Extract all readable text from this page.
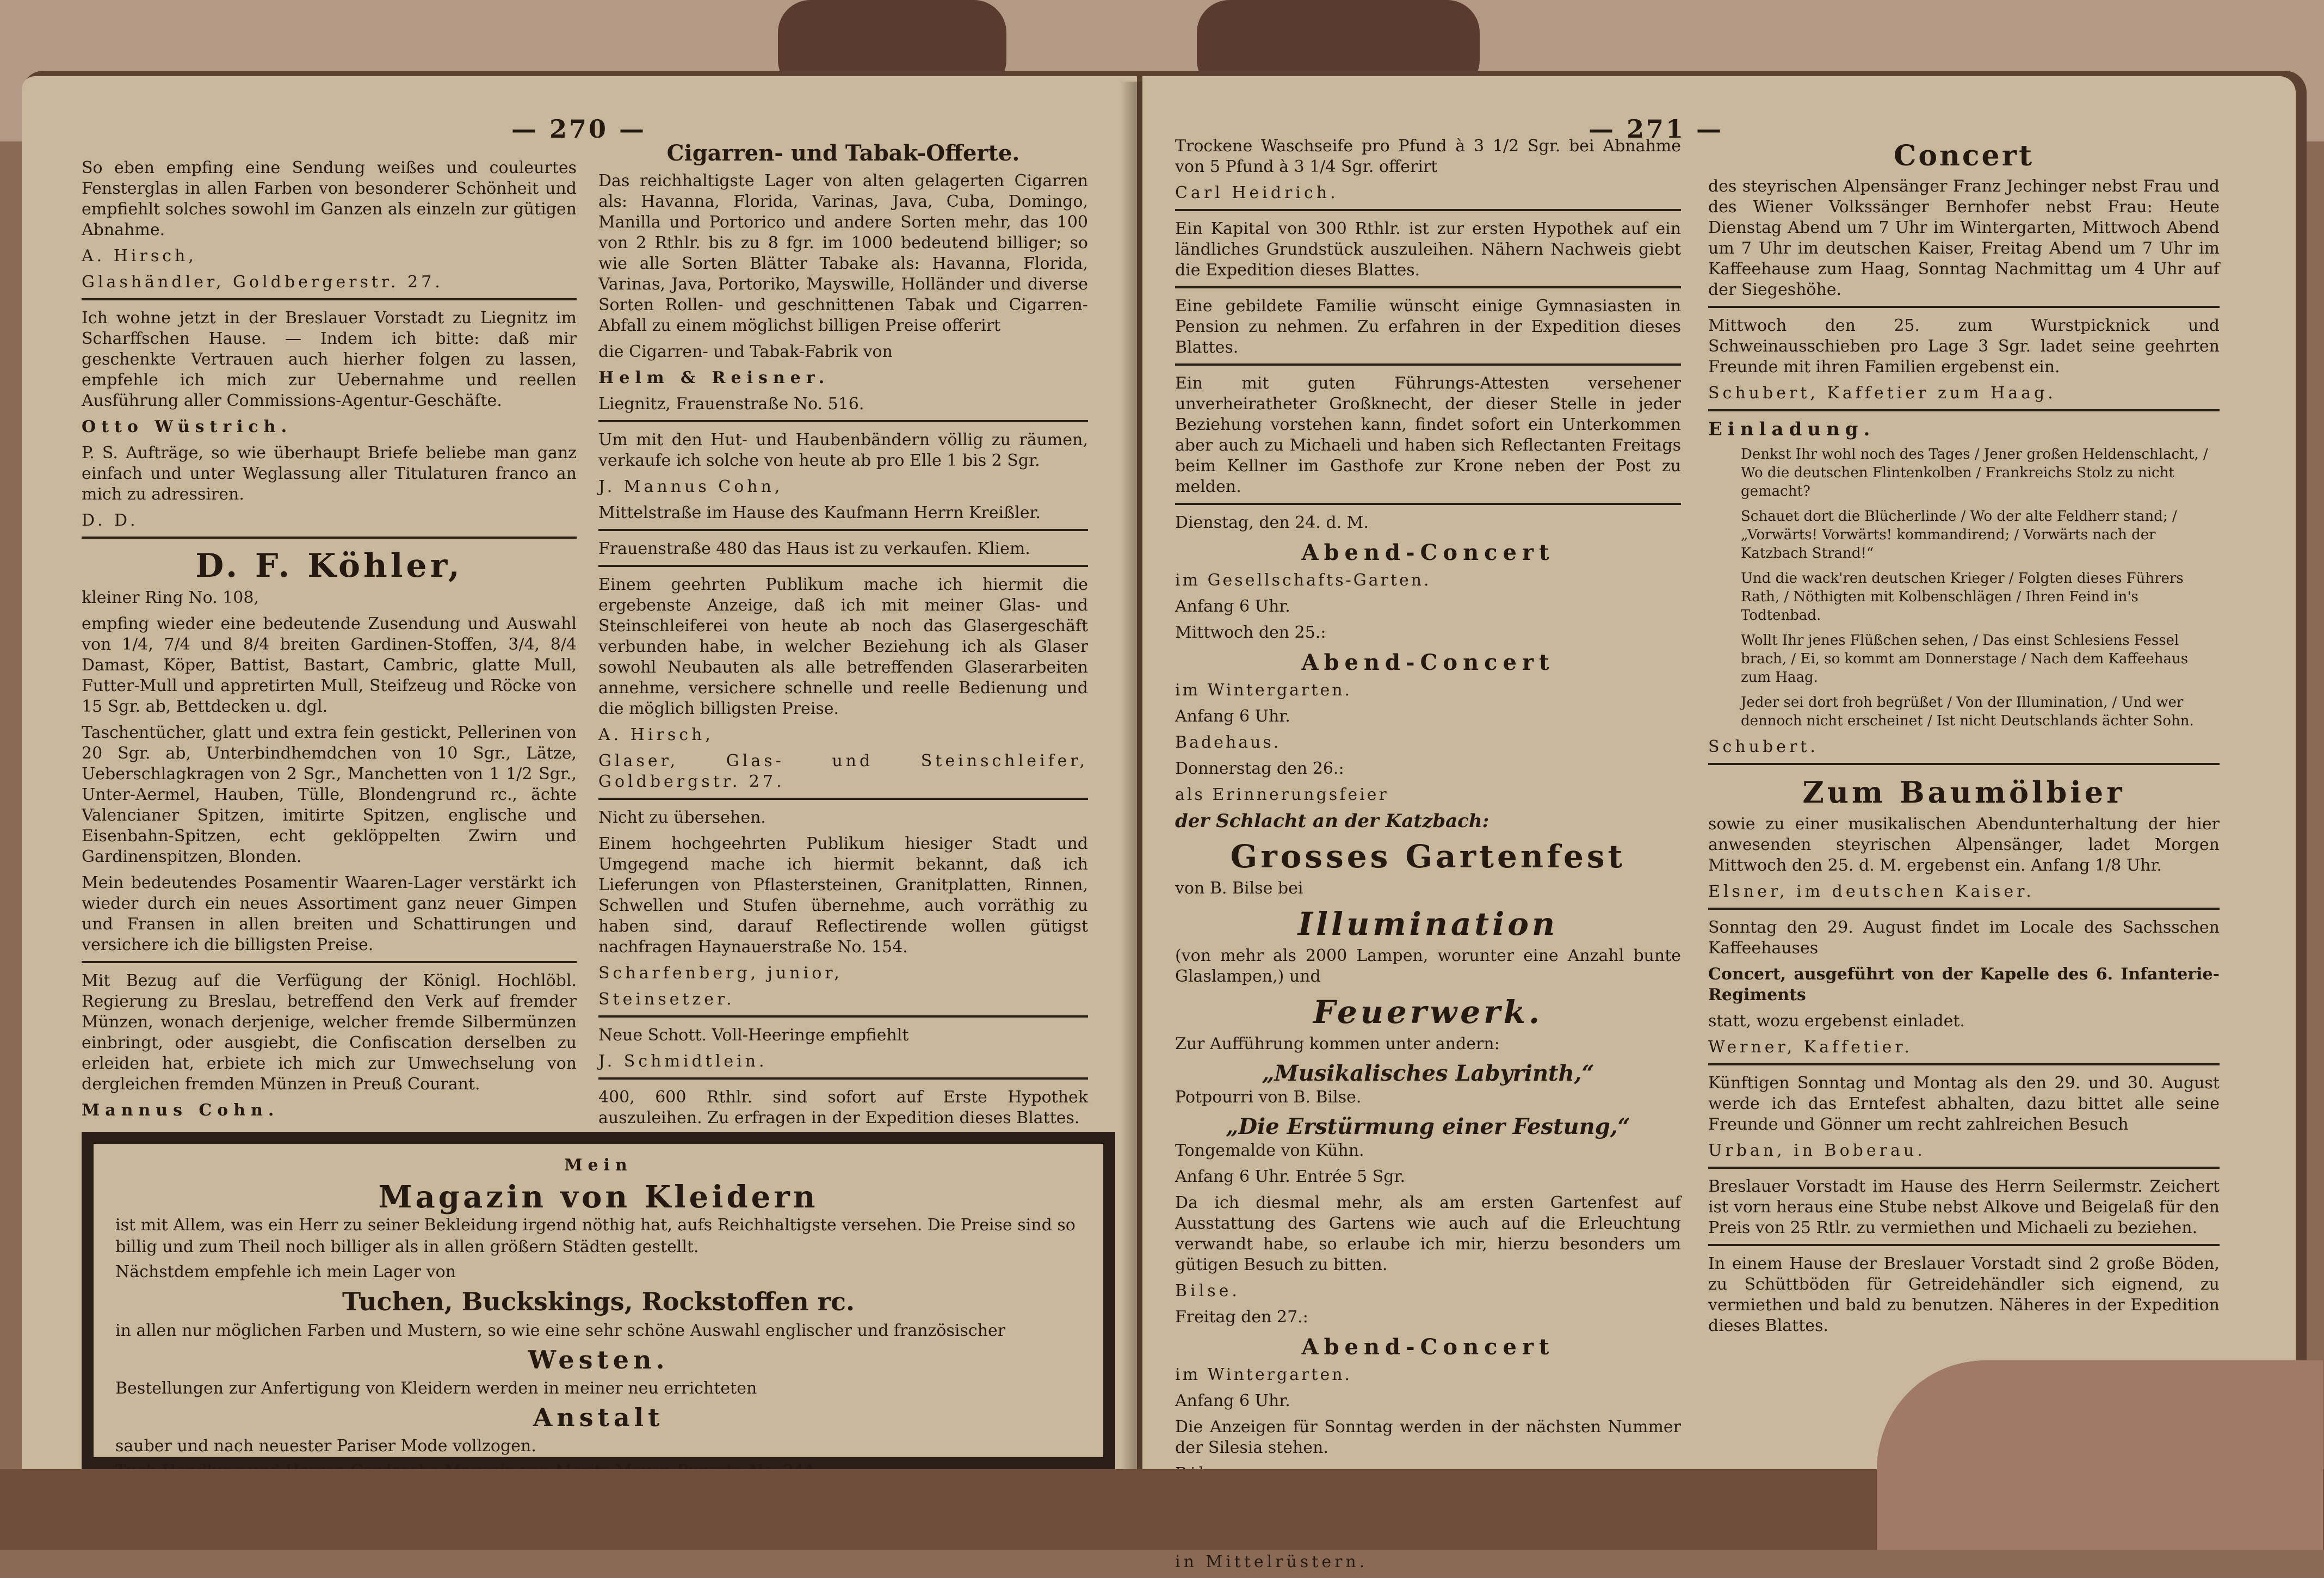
— 270 —

So eben empfing eine Sendung weißes und couleurtes Fensterglas in allen Farben von besonderer Schönheit und empfiehlt solches sowohl im Ganzen als einzeln zur gütigen Abnahme.

A. Hirsch,

Glashändler, Goldbergerstr. 27.

Ich wohne jetzt in der Breslauer Vorstadt zu Liegnitz im Scharffschen Hause. — Indem ich bitte: daß mir geschenkte Vertrauen auch hierher folgen zu lassen, empfehle ich mich zur Uebernahme und reellen Ausführung aller Commissions-Agentur-Geschäfte.

Otto Wüstrich.

P. S. Aufträge, so wie überhaupt Briefe beliebe man ganz einfach und unter Weglassung aller Titulaturen franco an mich zu adressiren.

D. D.

D. F. Köhler,

kleiner Ring No. 108,

empfing wieder eine bedeutende Zusendung und Auswahl von 1/4, 7/4 und 8/4 breiten Gardinen-Stoffen, 3/4, 8/4 Damast, Köper, Battist, Bastart, Cambric, glatte Mull, Futter-Mull und appretirten Mull, Steifzeug und Röcke von 15 Sgr. ab, Bettdecken u. dgl.

Taschentücher, glatt und extra fein gestickt, Pellerinen von 20 Sgr. ab, Unterbindhemdchen von 10 Sgr., Lätze, Ueberschlagkragen von 2 Sgr., Manchetten von 1 1/2 Sgr., Unter-Aermel, Hauben, Tülle, Blondengrund rc., ächte Valencianer Spitzen, imitirte Spitzen, englische und Eisenbahn-Spitzen, echt geklöppelten Zwirn und Gardinenspitzen, Blonden.

Mein bedeutendes Posamentir Waaren-Lager verstärkt ich wieder durch ein neues Assortiment ganz neuer Gimpen und Fransen in allen breiten und Schattirungen und versichere ich die billigsten Preise.

Mit Bezug auf die Verfügung der Königl. Hochlöbl. Regierung zu Breslau, betreffend den Verk auf fremder Münzen, wonach derjenige, welcher fremde Silbermünzen einbringt, oder ausgiebt, die Confiscation derselben zu erleiden hat, erbiete ich mich zur Umwechselung von dergleichen fremden Münzen in Preuß Courant.

Mannus Cohn.

Cigarren- und Tabak-Offerte.

Das reichhaltigste Lager von alten gelagerten Cigarren als: Havanna, Florida, Varinas, Java, Cuba, Domingo, Manilla und Portorico und andere Sorten mehr, das 100 von 2 Rthlr. bis zu 8 fgr. im 1000 bedeutend billiger; so wie alle Sorten Blätter Tabake als: Havanna, Florida, Varinas, Java, Portoriko, Mayswille, Holländer und diverse Sorten Rollen- und geschnittenen Tabak und Cigarren-Abfall zu einem möglichst billigen Preise offerirt

die Cigarren- und Tabak-Fabrik von

Helm & Reisner.

Liegnitz, Frauenstraße No. 516.

Um mit den Hut- und Haubenbändern völlig zu räumen, verkaufe ich solche von heute ab pro Elle 1 bis 2 Sgr.

J. Mannus Cohn,

Mittelstraße im Hause des Kaufmann Herrn Kreißler.

Frauenstraße 480 das Haus ist zu verkaufen. Kliem.

Einem geehrten Publikum mache ich hiermit die ergebenste Anzeige, daß ich mit meiner Glas- und Steinschleiferei von heute ab noch das Glasergeschäft verbunden habe, in welcher Beziehung ich als Glaser sowohl Neubauten als alle betreffenden Glaserarbeiten annehme, versichere schnelle und reelle Bedienung und die möglich billigsten Preise.

A. Hirsch,

Glaser, Glas- und Steinschleifer, Goldbergstr. 27.

Nicht zu übersehen.

Einem hochgeehrten Publikum hiesiger Stadt und Umgegend mache ich hiermit bekannt, daß ich Lieferungen von Pflastersteinen, Granitplatten, Rinnen, Schwellen und Stufen übernehme, auch vorräthig zu haben sind, darauf Reflectirende wollen gütigst nachfragen Haynauerstraße No. 154.

Scharfenberg, junior,

Steinsetzer.

Neue Schott. Voll-Heeringe empfiehlt

J. Schmidtlein.

400, 600 Rthlr. sind sofort auf Erste Hypothek auszuleihen. Zu erfragen in der Expedition dieses Blattes.

Mein

Magazin von Kleidern

ist mit Allem, was ein Herr zu seiner Bekleidung irgend nöthig hat, aufs Reichhaltigste versehen. Die Preise sind so billig und zum Theil noch billiger als in allen größern Städten gestellt.

Nächstdem empfehle ich mein Lager von

Tuchen, Buckskings, Rockstoffen rc.

in allen nur möglichen Farben und Mustern, so wie eine sehr schöne Auswahl englischer und französischer

Westen.

Bestellungen zur Anfertigung von Kleidern werden in meiner neu errichteten

Anstalt

sauber und nach neuester Pariser Mode vollzogen.

— 271 —

Trockene Waschseife pro Pfund à 3 1/2 Sgr. bei Abnahme von 5 Pfund à 3 1/4 Sgr. offerirt

Carl Heidrich.

Ein Kapital von 300 Rthlr. ist zur ersten Hypothek auf ein ländliches Grundstück auszuleihen. Nähern Nachweis giebt die Expedition dieses Blattes.

Eine gebildete Familie wünscht einige Gymnasiasten in Pension zu nehmen. Zu erfahren in der Expedition dieses Blattes.

Ein mit guten Führungs-Attesten versehener unverheiratheter Großknecht, der dieser Stelle in jeder Beziehung vorstehen kann, findet sofort ein Unterkommen aber auch zu Michaeli und haben sich Reflectanten Freitags beim Kellner im Gasthofe zur Krone neben der Post zu melden.

Dienstag, den 24. d. M.

Abend-Concert

im Gesellschafts-Garten.

Anfang 6 Uhr.

Mittwoch den 25.:

Abend-Concert

im Wintergarten.

Anfang 6 Uhr.

Badehaus.

Donnerstag den 26.:

als Erinnerungsfeier

der Schlacht an der Katzbach:

Grosses Gartenfest

von B. Bilse bei

Illumination

(von mehr als 2000 Lampen, worunter eine Anzahl bunte Glaslampen,) und

Feuerwerk.

Zur Aufführung kommen unter andern:

„Musikalisches Labyrinth,“

Potpourri von B. Bilse.

„Die Erstürmung einer Festung,“

Tongemalde von Kühn.

Anfang 6 Uhr. Entrée 5 Sgr.

Da ich diesmal mehr, als am ersten Gartenfest auf Ausstattung des Gartens wie auch auf die Erleuchtung verwandt habe, so erlaube ich mir, hierzu besonders um gütigen Besuch zu bitten.

Bilse.

Freitag den 27.:

Abend-Concert

im Wintergarten.

Anfang 6 Uhr.

Die Anzeigen für Sonntag werden in der nächsten Nummer der Silesia stehen.

in Mittelrüstern.

Concert

des steyrischen Alpensänger Franz Jechinger nebst Frau und des Wiener Volkssänger Bernhofer nebst Frau: Heute Dienstag Abend um 7 Uhr im Wintergarten, Mittwoch Abend um 7 Uhr im deutschen Kaiser, Freitag Abend um 7 Uhr im Kaffeehause zum Haag, Sonntag Nachmittag um 4 Uhr auf der Siegeshöhe.

Mittwoch den 25. zum Wurstpicknick und Schweinausschieben pro Lage 3 Sgr. ladet seine geehrten Freunde mit ihren Familien ergebenst ein.

Schubert, Kaffetier zum Haag.

Einladung.

Denkst Ihr wohl noch des Tages / Jener großen Heldenschlacht, / Wo die deutschen Flintenkolben / Frankreichs Stolz zu nicht gemacht?

Schauet dort die Blücherlinde / Wo der alte Feldherr stand; / „Vorwärts! Vorwärts! kommandirend; / Vorwärts nach der Katzbach Strand!“

Und die wack'ren deutschen Krieger / Folgten dieses Führers Rath, / Nöthigten mit Kolbenschlägen / Ihren Feind in's Todtenbad.

Wollt Ihr jenes Flüßchen sehen, / Das einst Schlesiens Fessel brach, / Ei, so kommt am Donnerstage / Nach dem Kaffeehaus zum Haag.

Jeder sei dort froh begrüßet / Von der Illumination, / Und wer dennoch nicht erscheinet / Ist nicht Deutschlands ächter Sohn.

Schubert.

Zum Baumölbier

sowie zu einer musikalischen Abendunterhaltung der hier anwesenden steyrischen Alpensänger, ladet Morgen Mittwoch den 25. d. M. ergebenst ein. Anfang 1/8 Uhr.

Elsner, im deutschen Kaiser.

Sonntag den 29. August findet im Locale des Sachsschen Kaffeehauses

Concert, ausgeführt von der Kapelle des 6. Infanterie-Regiments

statt, wozu ergebenst einladet.

Werner, Kaffetier.

Künftigen Sonntag und Montag als den 29. und 30. August werde ich das Erntefest abhalten, dazu bittet alle seine Freunde und Gönner um recht zahlreichen Besuch

Urban, in Boberau.

Breslauer Vorstadt im Hause des Herrn Seilermstr. Zeichert ist vorn heraus eine Stube nebst Alkove und Beigelaß für den Preis von 25 Rtlr. zu vermiethen und Michaeli zu beziehen.

In einem Hause der Breslauer Vorstadt sind 2 große Böden, zu Schüttböden für Getreidehändler sich eignend, zu vermiethen und bald zu benutzen. Näheres in der Expedition dieses Blattes.
